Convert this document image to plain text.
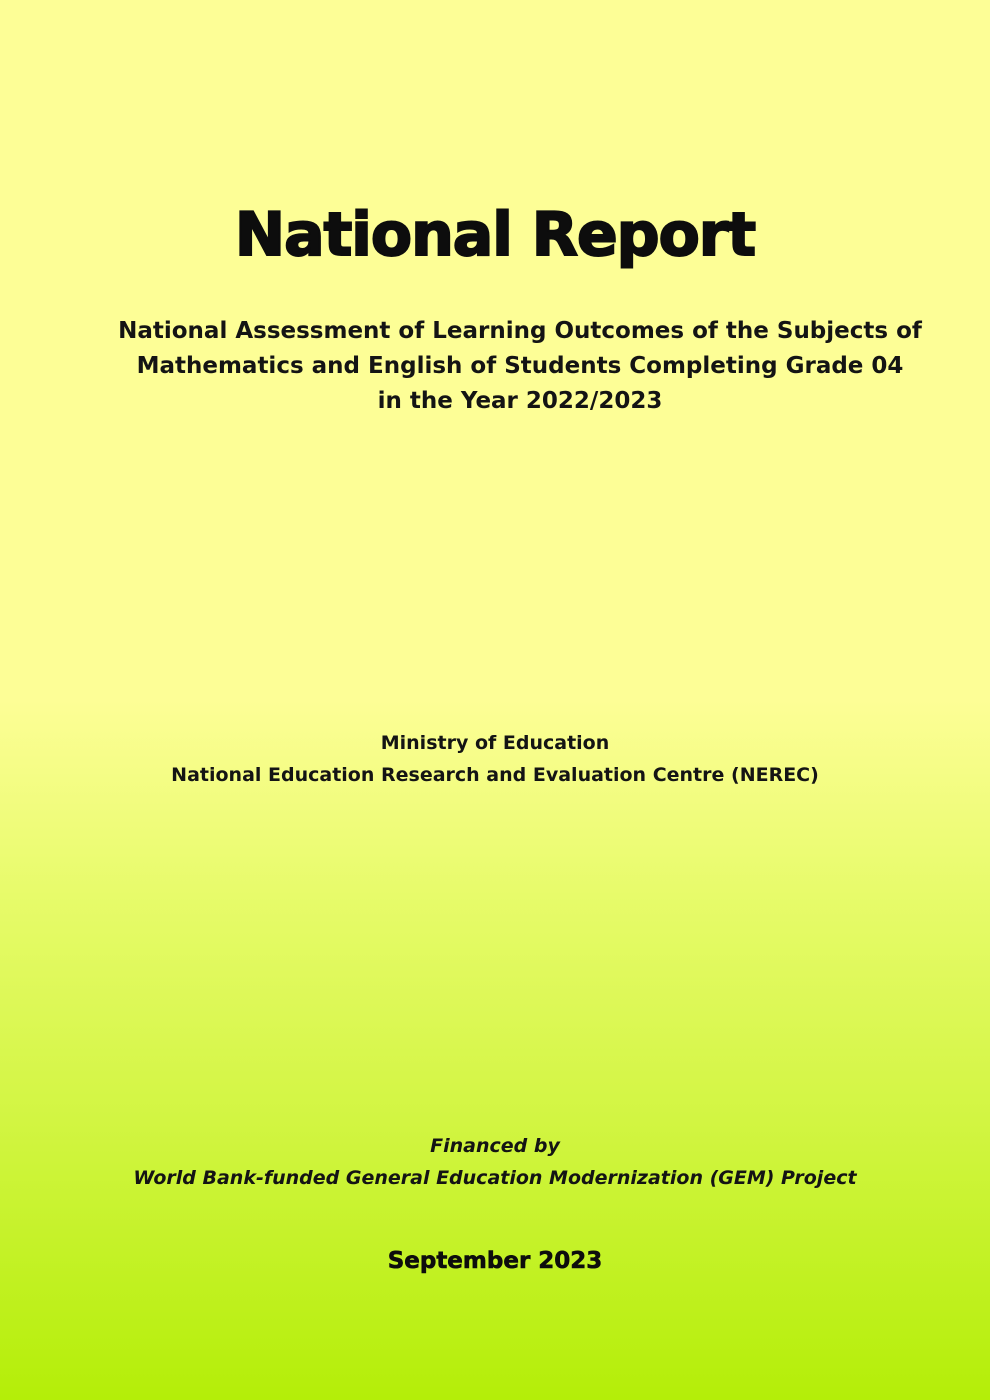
National Report
National Assessment of Learning Outcomes of the Subjects of
Mathematics and English of Students Completing Grade 04
in the Year 2022/2023
Ministry of Education
National Education Research and Evaluation Centre (NEREC)
Financed by
World Bank-funded General Education Modernization (GEM) Project
September 2023
